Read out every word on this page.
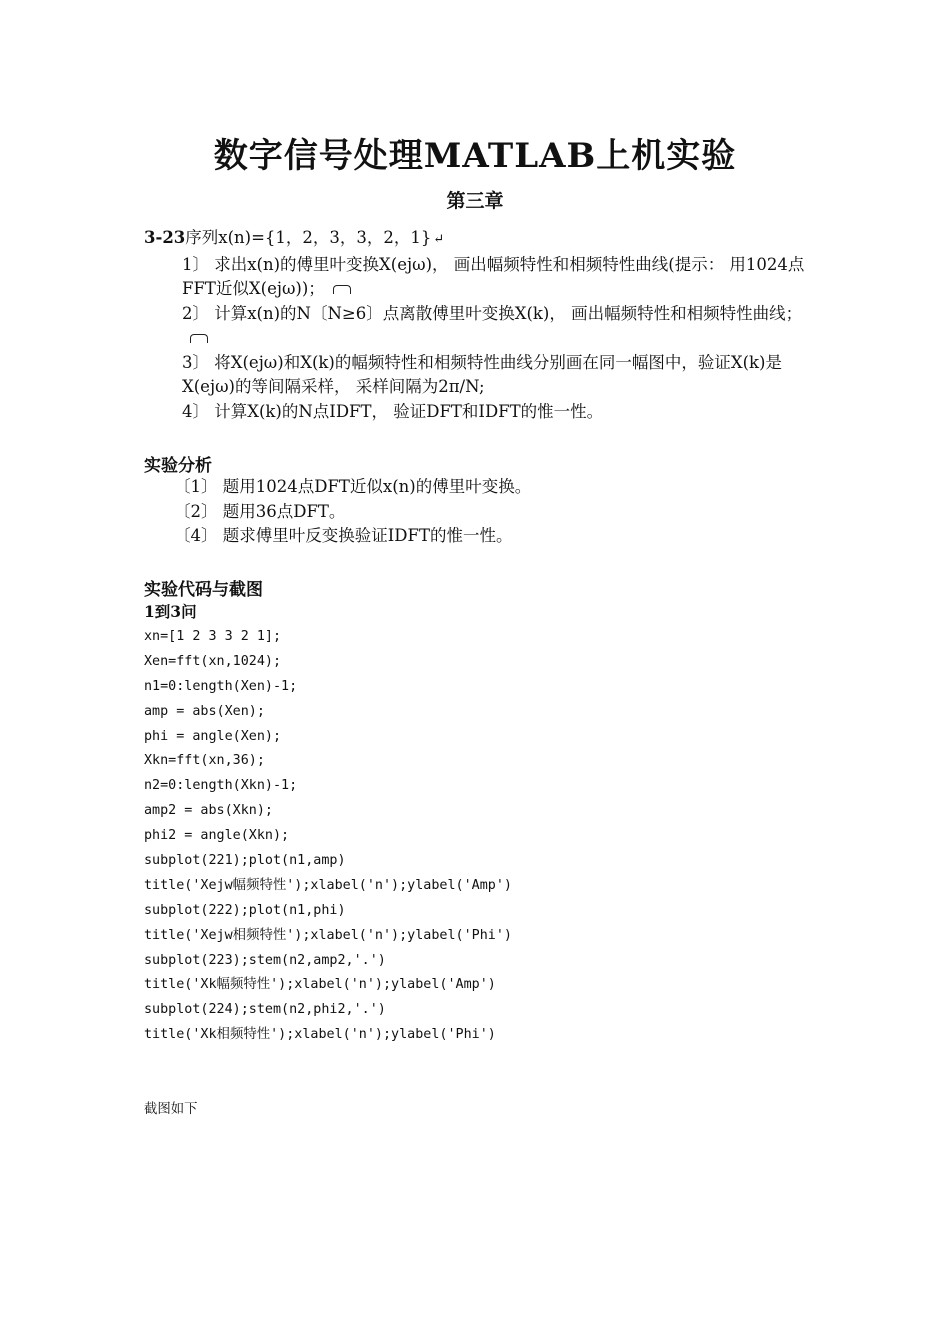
数字信号处理MATLAB上机实验
第三章
3-23序列x(n)={1，2，3，3，2，1} ↵
1〕 求出x(n)的傅里叶变换X(ejω)， 画出幅频特性和相频特性曲线(提示： 用1024点FFT近似X(ejω))；
2〕 计算x(n)的N〔N≥6〕点离散傅里叶变换X(k)， 画出幅频特性和相频特性曲线；
3〕 将X(ejω)和X(k)的幅频特性和相频特性曲线分别画在同一幅图中，验证X(k)是X(ejω)的等间隔采样， 采样间隔为2π/N;
4〕 计算X(k)的N点IDFT， 验证DFT和IDFT的惟一性。
实验分析
〔1〕 题用1024点DFT近似x(n)的傅里叶变换。
〔2〕 题用36点DFT。
〔4〕 题求傅里叶反变换验证IDFT的惟一性。
实验代码与截图
1到3问
xn=[1 2 3 3 2 1];
Xen=fft(xn,1024);
n1=0:length(Xen)-1;
amp = abs(Xen);
phi = angle(Xen);
Xkn=fft(xn,36);
n2=0:length(Xkn)-1;
amp2 = abs(Xkn);
phi2 = angle(Xkn);
subplot(221);plot(n1,amp)
title('Xejw幅频特性');xlabel('n');ylabel('Amp')
subplot(222);plot(n1,phi)
title('Xejw相频特性');xlabel('n');ylabel('Phi')
subplot(223);stem(n2,amp2,'.')
title('Xk幅频特性');xlabel('n');ylabel('Amp')
subplot(224);stem(n2,phi2,'.')
title('Xk相频特性');xlabel('n');ylabel('Phi')
截图如下
